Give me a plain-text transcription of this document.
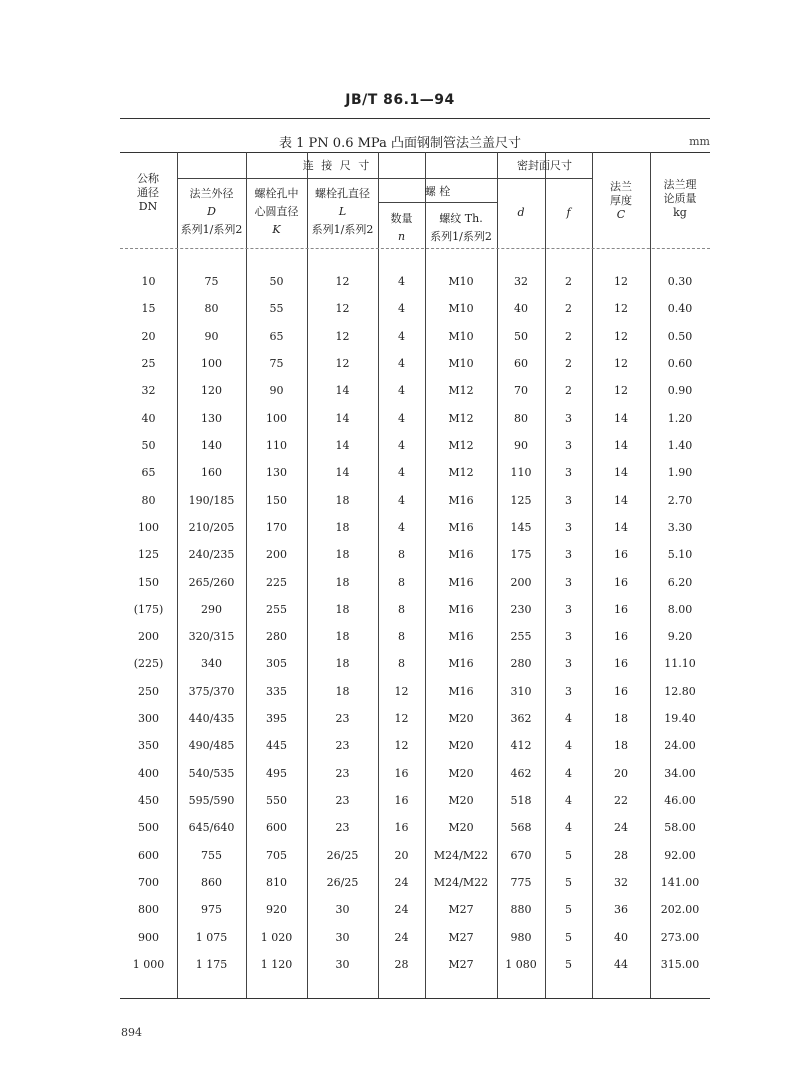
JB/T 86.1—94
表 1 PN 0.6 MPa 凸面钢制管法兰盖尺寸	mm
公称
通径
DN
连 接 尺 寸	密封面尺寸
法兰外径
D
系列1/系列2
螺栓孔中
心圆直径
K
螺栓孔直径
L
系列1/系列2
螺 栓
数量
n
螺纹 Th.
系列1/系列2
d	f
法兰
厚度
C
法兰理
论质量
kg
10	75	50	12	4	M10	32	2	12	0.30
15	80	55	12	4	M10	40	2	12	0.40
20	90	65	12	4	M10	50	2	12	0.50
25	100	75	12	4	M10	60	2	12	0.60
32	120	90	14	4	M12	70	2	12	0.90
40	130	100	14	4	M12	80	3	14	1.20
50	140	110	14	4	M12	90	3	14	1.40
65	160	130	14	4	M12	110	3	14	1.90
80	190/185	150	18	4	M16	125	3	14	2.70
100	210/205	170	18	4	M16	145	3	14	3.30
125	240/235	200	18	8	M16	175	3	16	5.10
150	265/260	225	18	8	M16	200	3	16	6.20
(175)	290	255	18	8	M16	230	3	16	8.00
200	320/315	280	18	8	M16	255	3	16	9.20
(225)	340	305	18	8	M16	280	3	16	11.10
250	375/370	335	18	12	M16	310	3	16	12.80
300	440/435	395	23	12	M20	362	4	18	19.40
350	490/485	445	23	12	M20	412	4	18	24.00
400	540/535	495	23	16	M20	462	4	20	34.00
450	595/590	550	23	16	M20	518	4	22	46.00
500	645/640	600	23	16	M20	568	4	24	58.00
600	755	705	26/25	20	M24/M22	670	5	28	92.00
700	860	810	26/25	24	M24/M22	775	5	32	141.00
800	975	920	30	24	M27	880	5	36	202.00
900	1 075	1 020	30	24	M27	980	5	40	273.00
1 000	1 175	1 120	30	28	M27	1 080	5	44	315.00
894
